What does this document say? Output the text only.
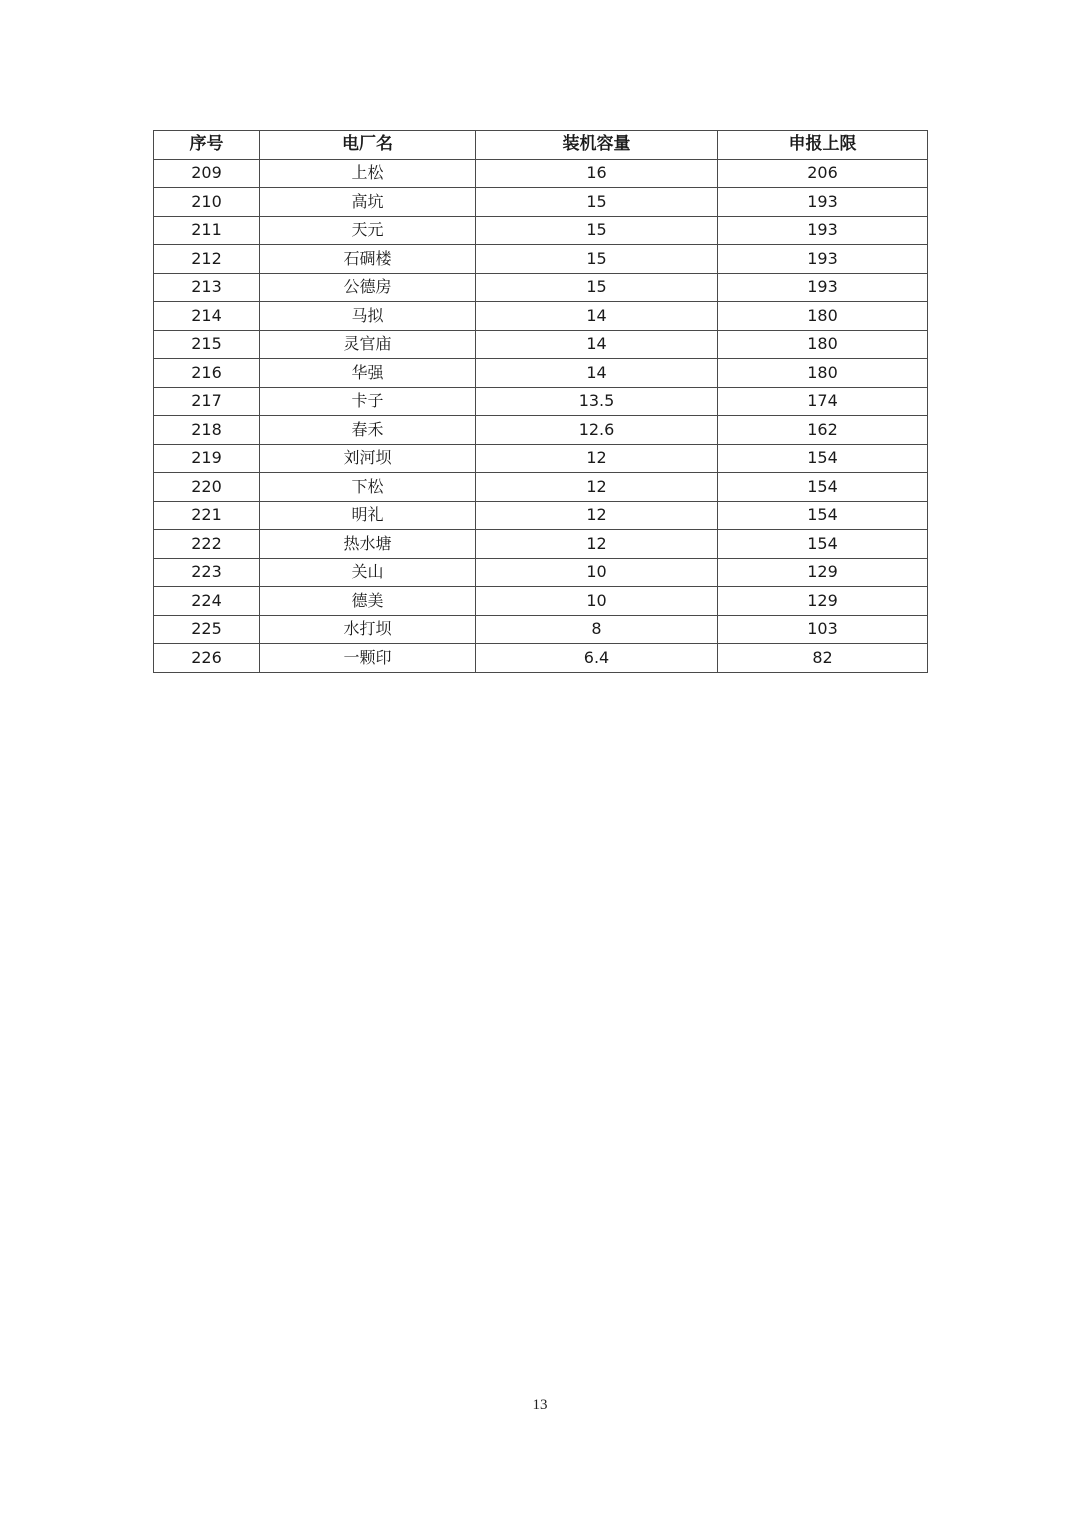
序号	电厂名	装机容量	申报上限
209	上松	16	206
210	高坑	15	193
211	天元	15	193
212	石碉楼	15	193
213	公德房	15	193
214	马拟	14	180
215	灵官庙	14	180
216	华强	14	180
217	卡子	13.5	174
218	春禾	12.6	162
219	刘河坝	12	154
220	下松	12	154
221	明礼	12	154
222	热水塘	12	154
223	关山	10	129
224	德美	10	129
225	水打坝	8	103
226	一颗印	6.4	82
13
